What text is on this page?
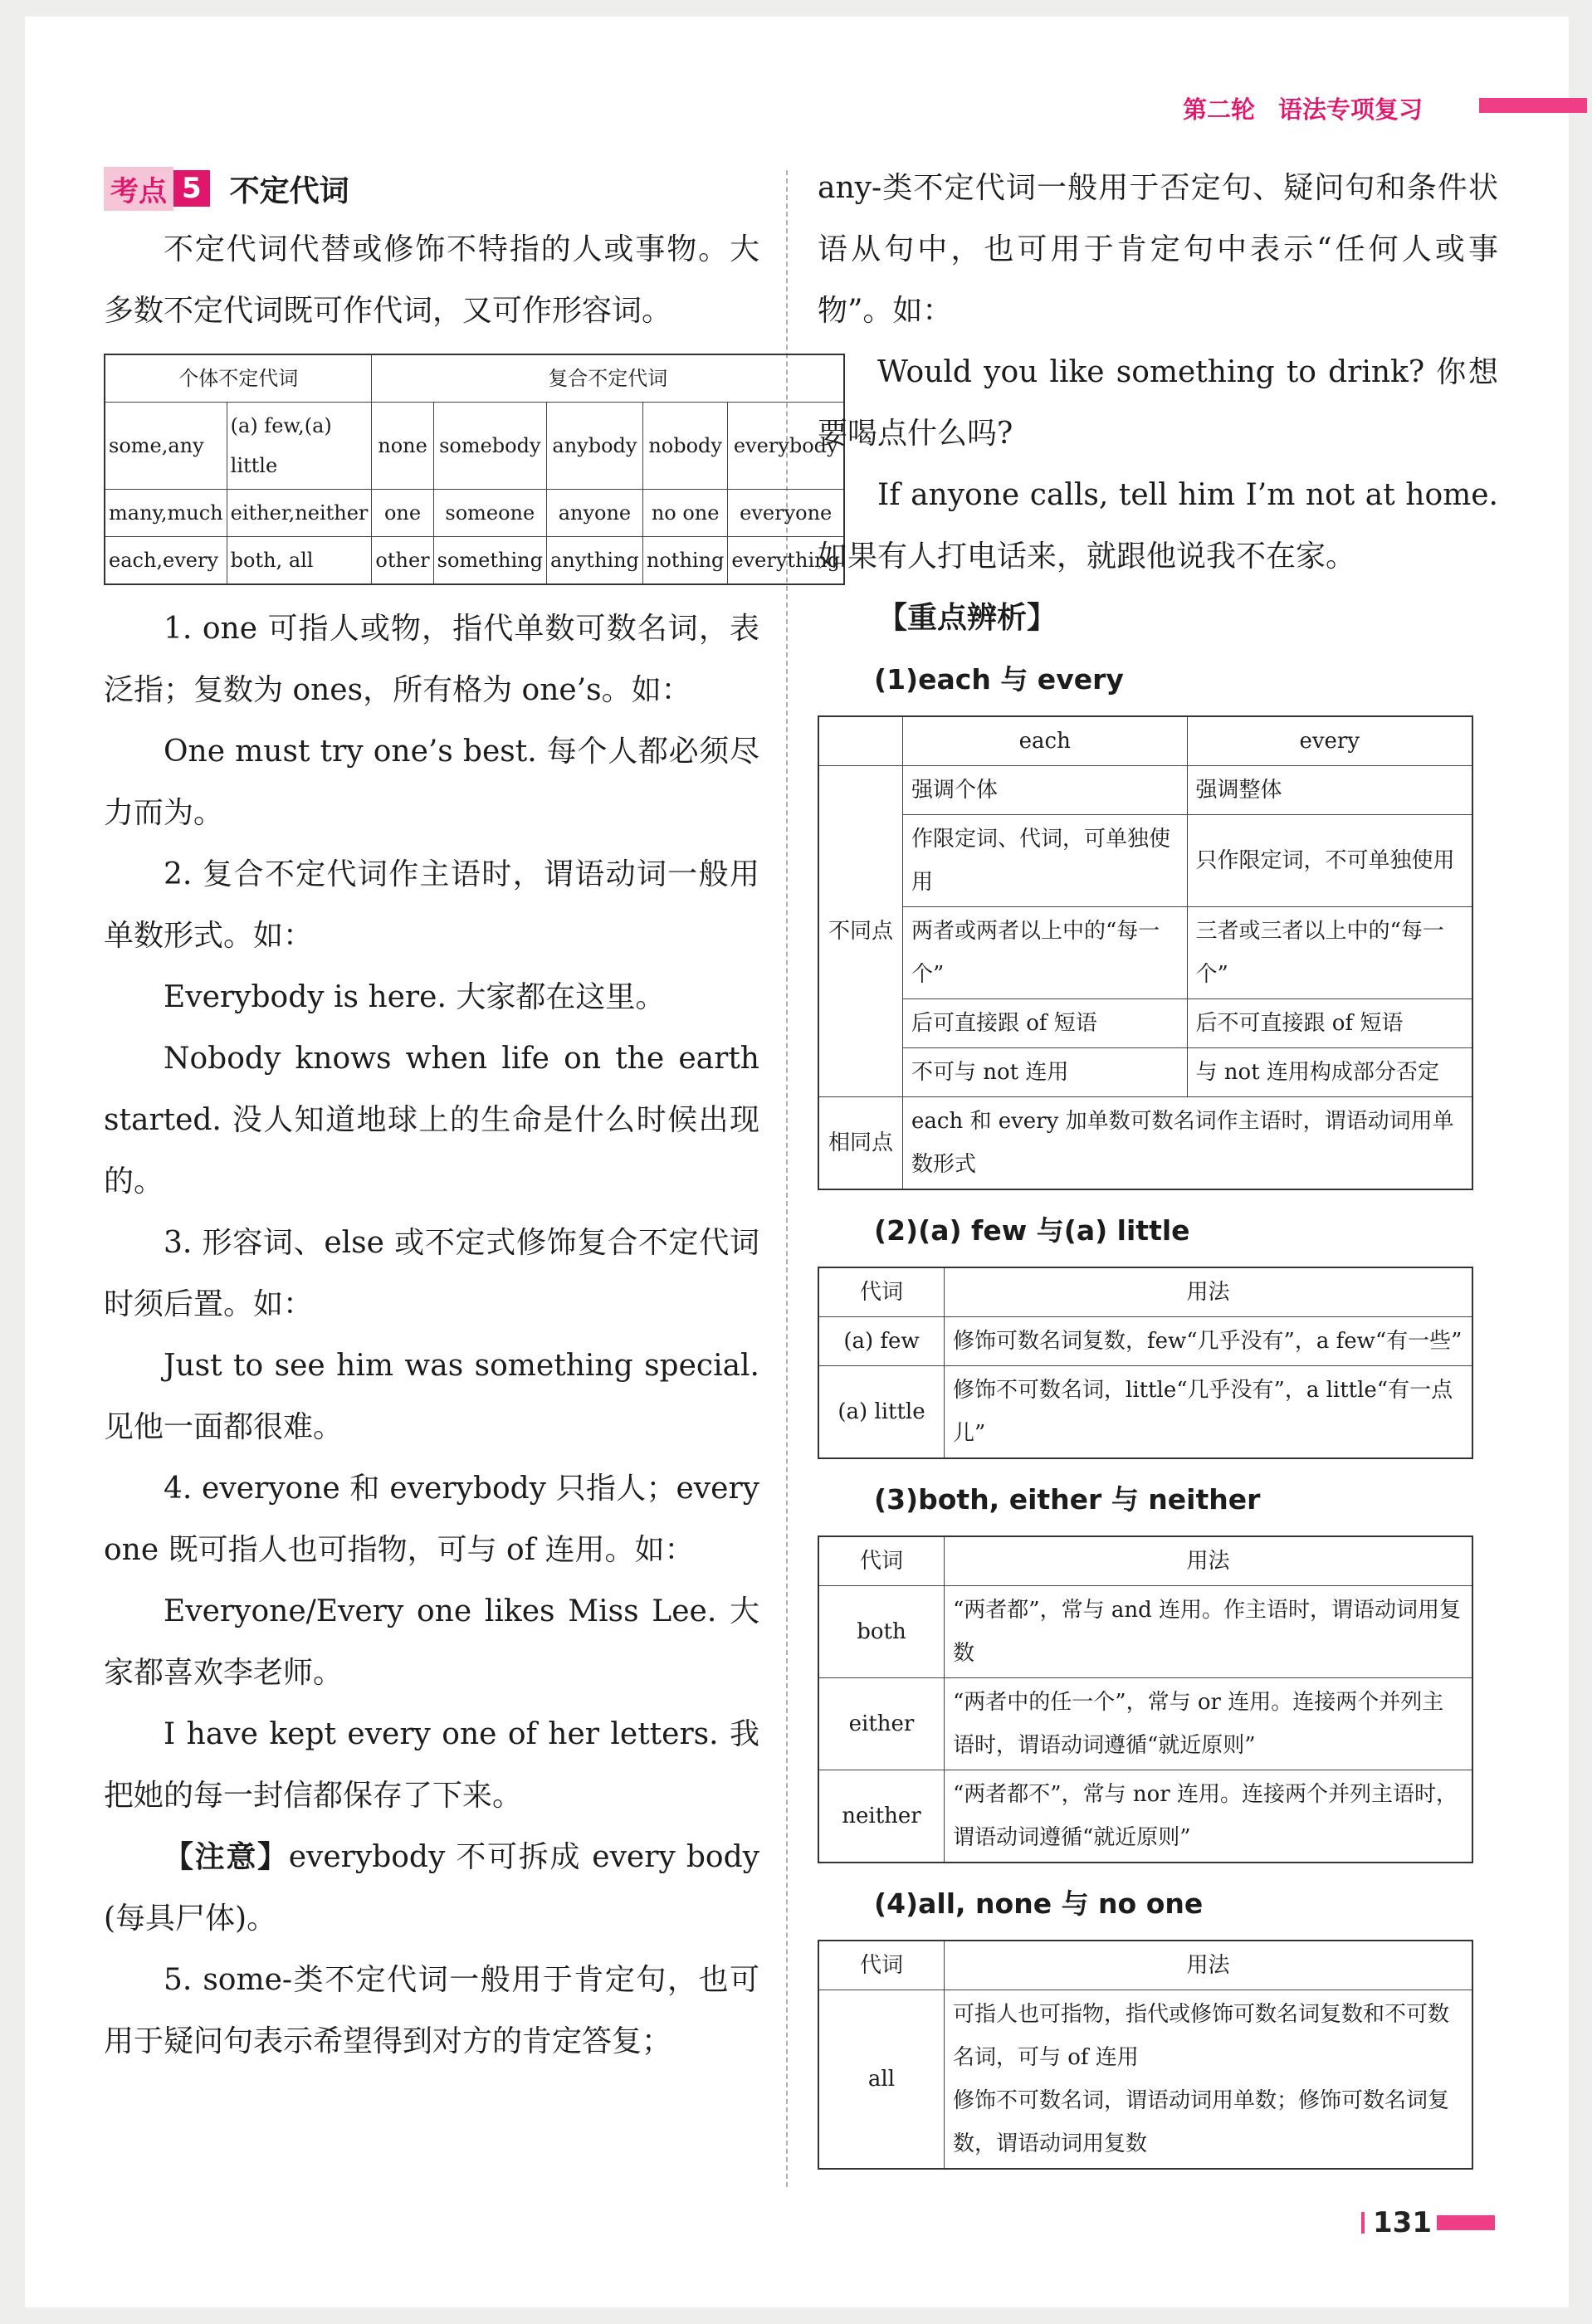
第二轮 语法专项复习
考点 5 不定代词

不定代词代替或修饰不特指的人或事物。大多数不定代词既可作代词，又可作形容词。

个体不定代词		复合不定代词				
some,any	(a) few,(a) little	none	somebody	anybody	nobody	everybody
many,much	either,neither	one	someone	anyone	no one	everyone
each,every	both, all	other	something	anything	nothing	everything

1. one 可指人或物，指代单数可数名词，表泛指；复数为 ones，所有格为 one’s。如：

One must try one’s best. 每个人都必须尽力而为。

2. 复合不定代词作主语时，谓语动词一般用单数形式。如：

Everybody is here. 大家都在这里。

Nobody knows when life on the earth started. 没人知道地球上的生命是什么时候出现的。

3. 形容词、else 或不定式修饰复合不定代词时须后置。如：

Just to see him was something special. 见他一面都很难。

4. everyone 和 everybody 只指人；every one 既可指人也可指物，可与 of 连用。如：

Everyone/Every one likes Miss Lee. 大家都喜欢李老师。

I have kept every one of her letters. 我把她的每一封信都保存了下来。

【注意】everybody 不可拆成 every body (每具尸体)。

5. some-类不定代词一般用于肯定句，也可用于疑问句表示希望得到对方的肯定答复；

any-类不定代词一般用于否定句、疑问句和条件状语从句中，也可用于肯定句中表示“任何人或事物”。如：

Would you like something to drink? 你想要喝点什么吗?

If anyone calls, tell him I’m not at home. 如果有人打电话来，就跟他说我不在家。

【重点辨析】

(1)each 与 every

	each	every
不同点	强调个体	强调整体
	作限定词、代词，可单独使用	只作限定词，不可单独使用
	两者或两者以上中的“每一个”	三者或三者以上中的“每一个”
	后可直接跟 of 短语	后不可直接跟 of 短语
	不可与 not 连用	与 not 连用构成部分否定
相同点	each 和 every 加单数可数名词作主语时，谓语动词用单数形式	

(2)(a) few 与(a) little

代词	用法
(a) few	修饰可数名词复数，few“几乎没有”，a few“有一些”
(a) little	修饰不可数名词，little“几乎没有”，a little“有一点儿”

(3)both, either 与 neither

代词	用法
both	“两者都”，常与 and 连用。作主语时，谓语动词用复数
either	“两者中的任一个”，常与 or 连用。连接两个并列主语时，谓语动词遵循“就近原则”
neither	“两者都不”，常与 nor 连用。连接两个并列主语时，谓语动词遵循“就近原则”

(4)all, none 与 no one

代词	用法
all	可指人也可指物，指代或修饰可数名词复数和不可数名词，可与 of 连用
修饰不可数名词，谓语动词用单数；修饰可数名词复数，谓语动词用复数
131
